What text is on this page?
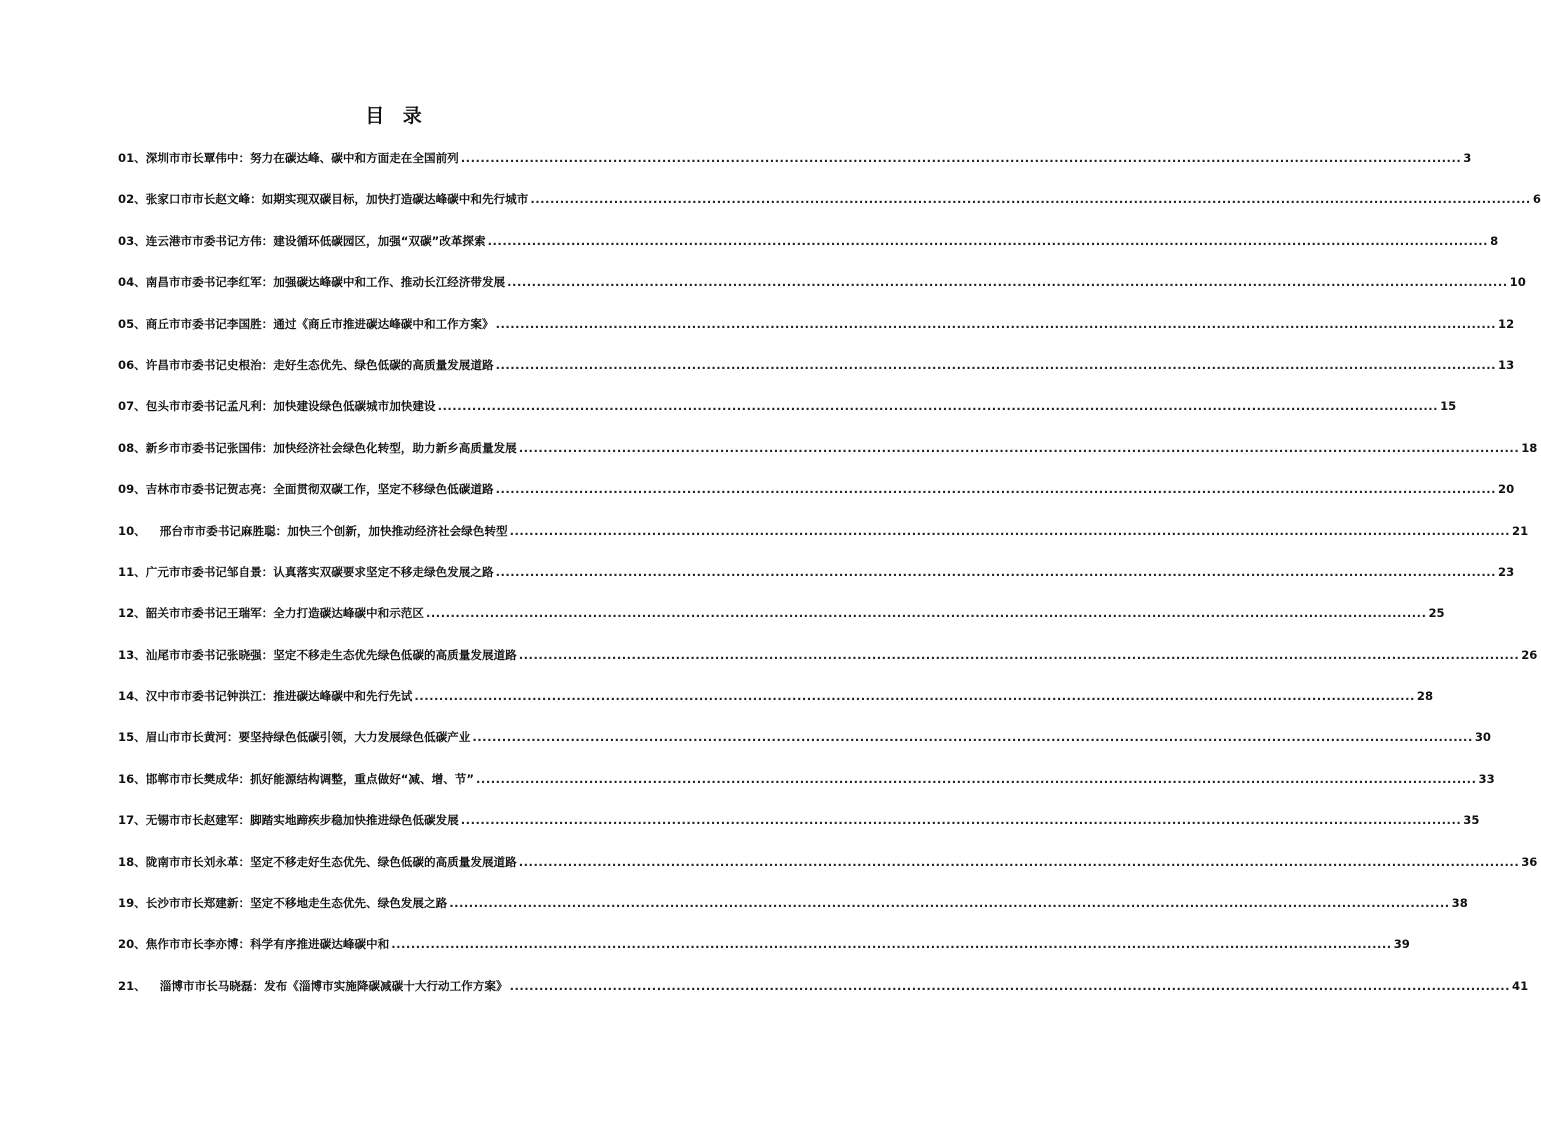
目 录
01、 深圳市市长覃伟中：努力在碳达峰、碳中和方面走在全国前列 .....	3
02、 张家口市市长赵文峰：如期实现双碳目标，加快打造碳达峰碳中和先行城市 .....	6
03、 连云港市市委书记方伟：建设循环低碳园区，加强“双碳”改革探索 .....	8
04、 南昌市市委书记李红军：加强碳达峰碳中和工作、推动长江经济带发展 .....	10
05、 商丘市市委书记李国胜：通过《商丘市推进碳达峰碳中和工作方案》 .....	12
06、 许昌市市委书记史根治：走好生态优先、绿色低碳的高质量发展道路 .....	13
07、 包头市市委书记孟凡利：加快建设绿色低碳城市加快建设 .....	15
08、 新乡市市委书记张国伟：加快经济社会绿色化转型，助力新乡高质量发展 .....	18
09、 吉林市市委书记贺志亮：全面贯彻双碳工作，坚定不移绿色低碳道路 .....	20
10、 邢台市市委书记麻胜聪：加快三个创新，加快推动经济社会绿色转型 .....	21
11、 广元市市委书记邹自景：认真落实双碳要求坚定不移走绿色发展之路 .....	23
12、 韶关市市委书记王瑞军：全力打造碳达峰碳中和示范区 .....	25
13、 汕尾市市委书记张晓强：坚定不移走生态优先绿色低碳的高质量发展道路 .....	26
14、 汉中市市委书记钟洪江：推进碳达峰碳中和先行先试 .....	28
15、 眉山市市长黄河：要坚持绿色低碳引领，大力发展绿色低碳产业 .....	30
16、 邯郸市市长樊成华：抓好能源结构调整，重点做好“减、增、节” .....	33
17、 无锡市市长赵建军：脚踏实地蹄疾步稳加快推进绿色低碳发展 .....	35
18、 陇南市市长刘永革：坚定不移走好生态优先、绿色低碳的高质量发展道路 .....	36
19、 长沙市市长郑建新：坚定不移地走生态优先、绿色发展之路 .....	38
20、 焦作市市长李亦博：科学有序推进碳达峰碳中和 .....	39
21、 淄博市市长马晓磊：发布《淄博市实施降碳减碳十大行动工作方案》 .....	41
